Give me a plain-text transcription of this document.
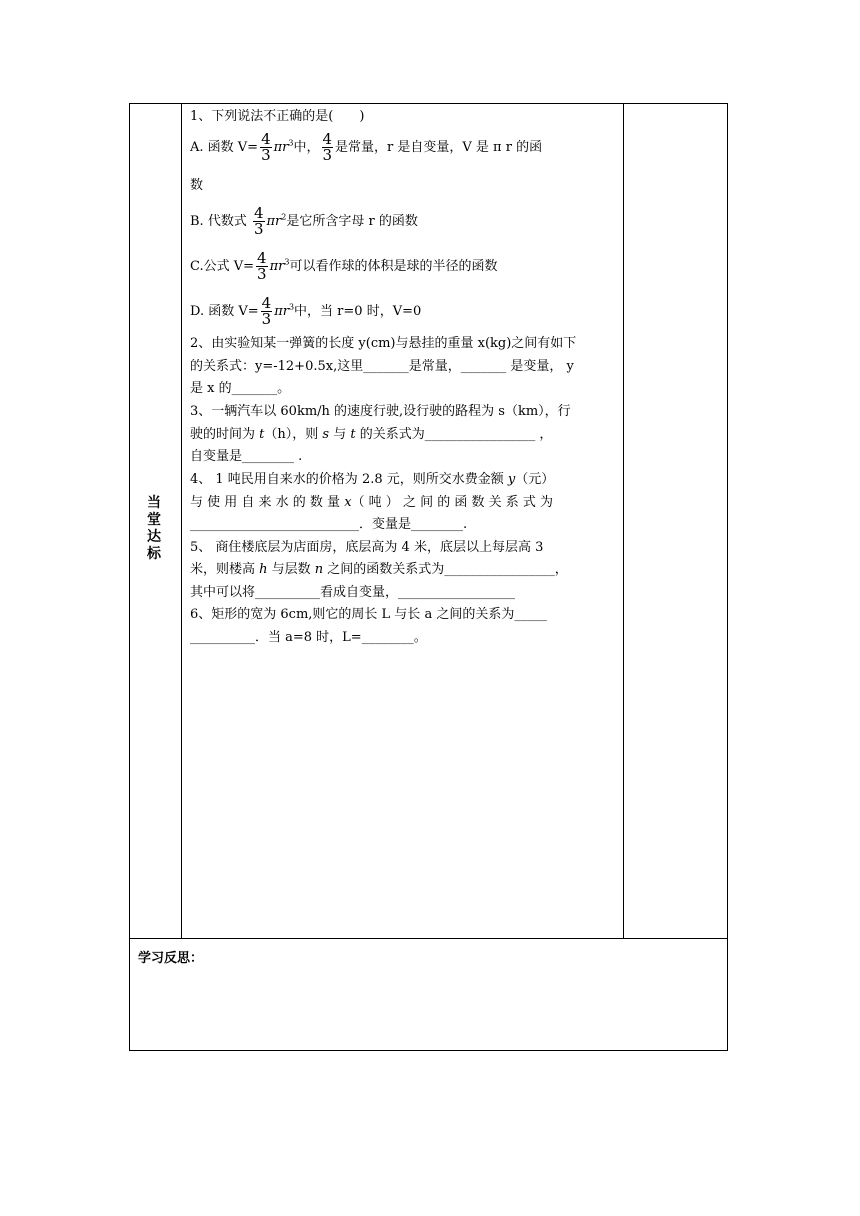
当
堂
达
标
1、下列说法不正确的是(　　)
A. 函数 $V= \frac{4}{3} \pi r^3$中， $\frac{4}{3}$ 是常量，r 是自变量，V 是 π r 的函
数
B. 代数式 $\frac{4}{3} \pi r^2$是它所含字母 r 的函数
C.公式 $V= \frac{4}{3} \pi r^3$可以看作球的体积是球的半径的函数
D. 函数 $V= \frac{4}{3} \pi r^3$中，当 r=0 时，V=0
2、由实验知某一弹簧的长度 y(cm)与悬挂的重量 x(kg)之间有如下
的关系式：y=-12+0.5x,这里_______是常量，_______ 是变量， y
是 x 的_______。
3、一辆汽车以 60km/h 的速度行驶,设行驶的路程为 s（km），行
驶的时间为 t（h），则 s 与 t 的关系式为_________________ ，
自变量是________ .
4、 1 吨民用自来水的价格为 2.8 元，则所交水费金额 y（元）
与 使 用 自 来 水 的 数 量 x（ 吨 ） 之 间 的 函 数 关 系 式 为
__________________________．变量是________.
5、 商住楼底层为店面房，底层高为 4 米，底层以上每层高 3
米，则楼高 h 与层数 n 之间的函数关系式为_________________，
其中可以将__________看成自变量，__________________
6、矩形的宽为 6cm,则它的周长 L 与长 a 之间的关系为_____
__________．当 a=8 时，L=________。
学习反思：
